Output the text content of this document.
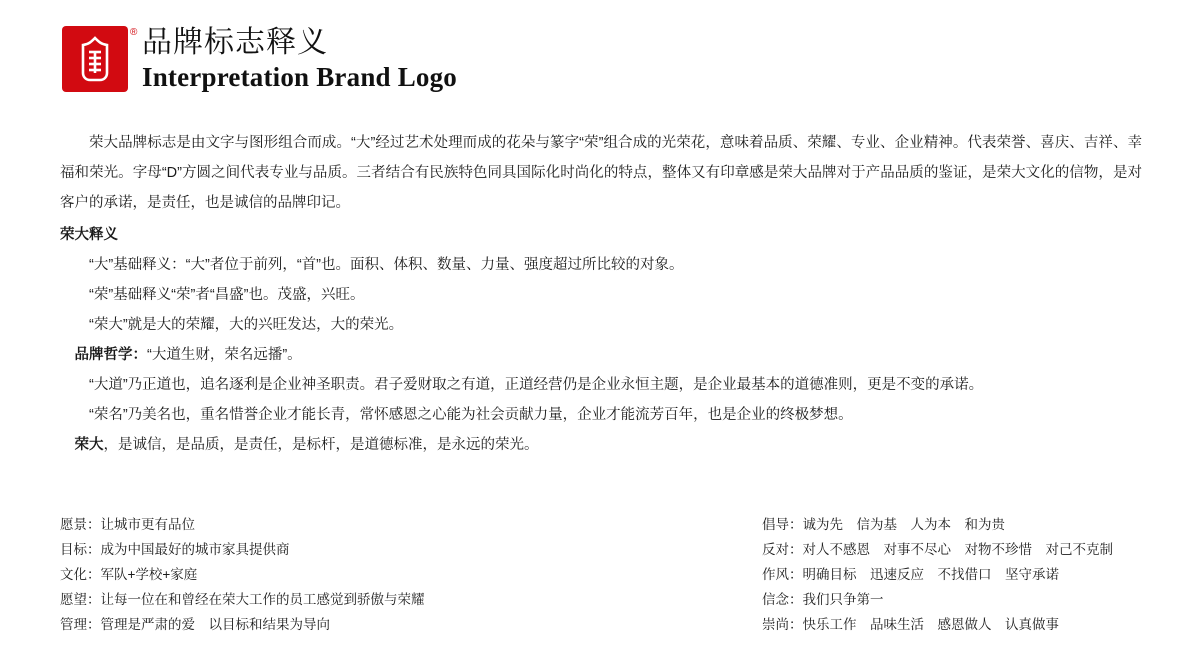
® 品牌标志释义
Interpretation Brand Logo
荣大品牌标志是由文字与图形组合而成。“大”经过艺术处理而成的花朵与篆字“荣”组合成的光荣花，意味着品质、荣耀、专业、企业精神。代表荣誉、喜庆、吉祥、幸福和荣光。字母“D”方圆之间代表专业与品质。三者结合有民族特色同具国际化时尚化的特点，整体又有印章感是荣大品牌对于产品品质的鉴证，是荣大文化的信物，是对客户的承诺，是责任，也是诚信的品牌印记。
荣大释义
“大”基础释义：“大”者位于前列，“首”也。面积、体积、数量、力量、强度超过所比较的对象。
“荣”基础释义“荣”者“昌盛”也。茂盛，兴旺。
“荣大”就是大的荣耀，大的兴旺发达，大的荣光。
品牌哲学：“大道生财，荣名远播”。
“大道”乃正道也，追名逐利是企业神圣职责。君子爱财取之有道，正道经营仍是企业永恒主题，是企业最基本的道德准则，更是不变的承诺。
“荣名”乃美名也，重名惜誉企业才能长青，常怀感恩之心能为社会贡献力量，企业才能流芳百年，也是企业的终极梦想。
荣大，是诚信，是品质，是责任，是标杆，是道德标准，是永远的荣光。
愿景：让城市更有品位
目标：成为中国最好的城市家具提供商
文化：军队+学校+家庭
愿望：让每一位在和曾经在荣大工作的员工感觉到骄傲与荣耀
管理：管理是严肃的爱　以目标和结果为导向
倡导：诚为先　信为基　人为本　和为贵
反对：对人不感恩　对事不尽心　对物不珍惜　对己不克制
作风：明确目标　迅速反应　不找借口　坚守承诺
信念：我们只争第一
崇尚：快乐工作　品味生活　感恩做人　认真做事
